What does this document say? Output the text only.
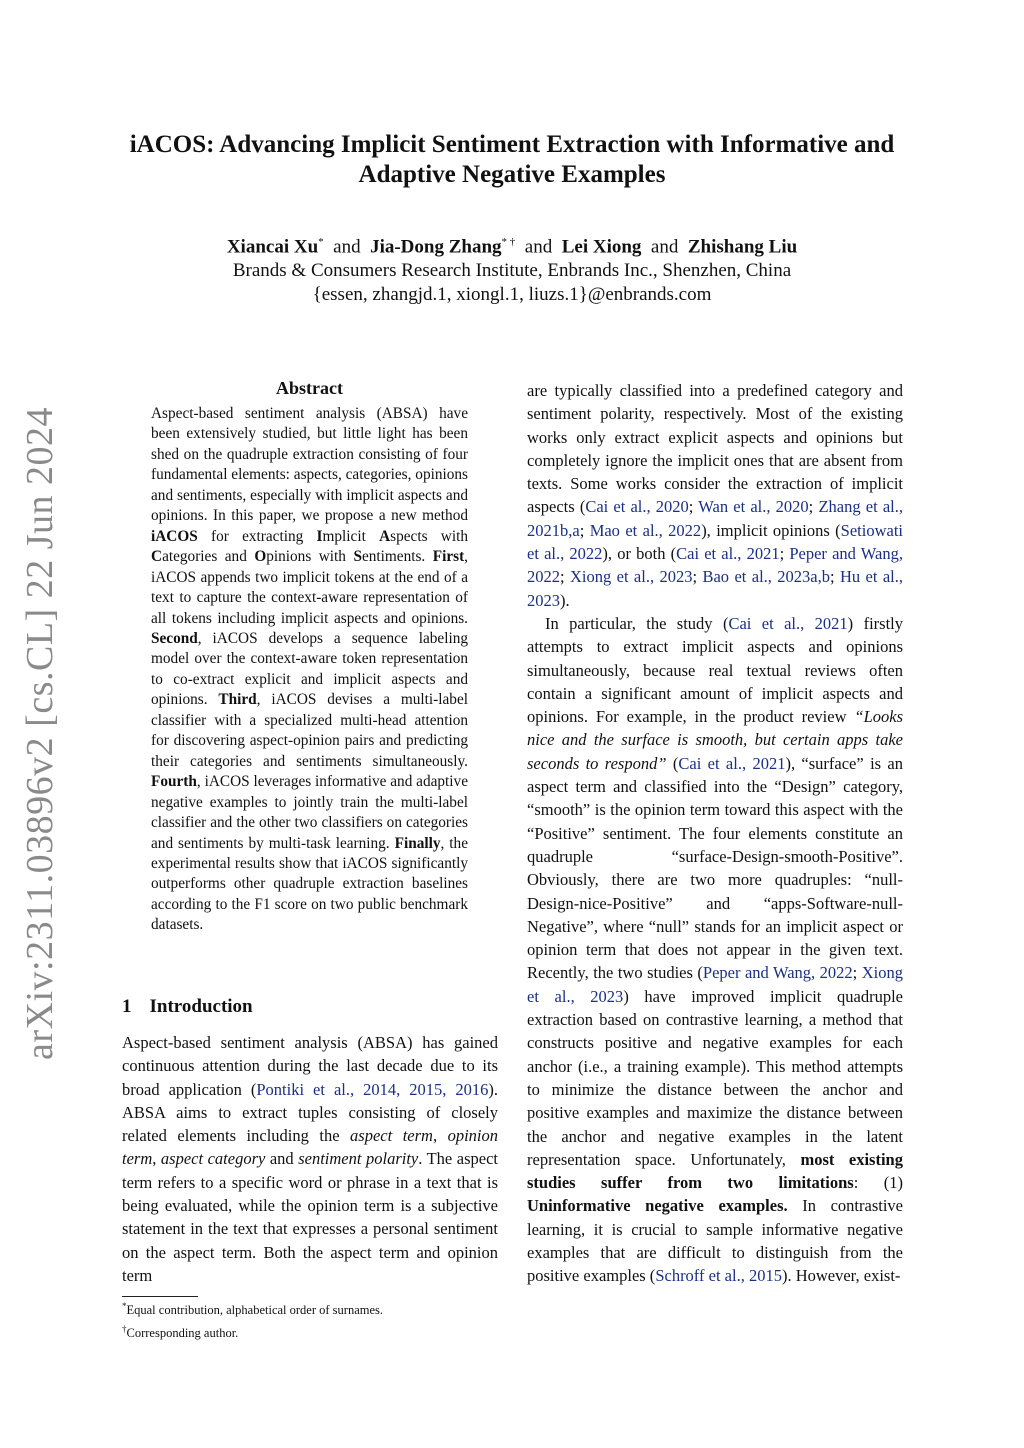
arXiv:2311.03896v2 [cs.CL] 22 Jun 2024
iACOS: Advancing Implicit Sentiment Extraction with Informative and
Adaptive Negative Examples
Xiancai Xu* and Jia-Dong Zhang* † and Lei Xiong and Zhishang Liu
Brands & Consumers Research Institute, Enbrands Inc., Shenzhen, China
{essen, zhangjd.1, xiongl.1, liuzs.1}@enbrands.com
Abstract

Aspect-based sentiment analysis (ABSA) have been extensively studied, but little light has been shed on the quadruple extraction consisting of four fundamental elements: aspects, categories, opinions and sentiments, especially with implicit aspects and opinions. In this paper, we propose a new method iACOS for extracting Implicit Aspects with Categories and Opinions with Sentiments. First, iACOS appends two implicit tokens at the end of a text to capture the context-aware representation of all tokens including implicit aspects and opinions. Second, iACOS develops a sequence labeling model over the context-aware token representation to co-extract explicit and implicit aspects and opinions. Third, iACOS devises a multi-label classifier with a specialized multi-head attention for discovering aspect-opinion pairs and predicting their categories and sentiments simultaneously. Fourth, iACOS leverages informative and adaptive negative examples to jointly train the multi-label classifier and the other two classifiers on categories and sentiments by multi-task learning. Finally, the experimental results show that iACOS significantly outperforms other quadruple extraction baselines according to the F1 score on two public benchmark datasets.

1 Introduction

Aspect-based sentiment analysis (ABSA) has gained continuous attention during the last decade due to its broad application (Pontiki et al., 2014, 2015, 2016). ABSA aims to extract tuples consisting of closely related elements including the aspect term, opinion term, aspect category and sentiment polarity. The aspect term refers to a specific word or phrase in a text that is being evaluated, while the opinion term is a subjective statement in the text that expresses a personal sentiment on the aspect term. Both the aspect term and opinion term

are typically classified into a predefined category and sentiment polarity, respectively. Most of the existing works only extract explicit aspects and opinions but completely ignore the implicit ones that are absent from texts. Some works consider the extraction of implicit aspects (Cai et al., 2020; Wan et al., 2020; Zhang et al., 2021b,a; Mao et al., 2022), implicit opinions (Setiowati et al., 2022), or both (Cai et al., 2021; Peper and Wang, 2022; Xiong et al., 2023; Bao et al., 2023a,b; Hu et al., 2023).

In particular, the study (Cai et al., 2021) firstly attempts to extract implicit aspects and opinions simultaneously, because real textual reviews often contain a significant amount of implicit aspects and opinions. For example, in the product review “Looks nice and the surface is smooth, but certain apps take seconds to respond” (Cai et al., 2021), “surface” is an aspect term and classified into the “Design” category, “smooth” is the opinion term toward this aspect with the “Positive” sentiment. The four elements constitute an quadruple “surface-Design-smooth-Positive”. Obviously, there are two more quadruples: “null-Design-nice-Positive” and “apps-Software-null-Negative”, where “null” stands for an implicit aspect or opinion term that does not appear in the given text. Recently, the two studies (Peper and Wang, 2022; Xiong et al., 2023) have improved implicit quadruple extraction based on contrastive learning, a method that constructs positive and negative examples for each anchor (i.e., a training example). This method attempts to minimize the distance between the anchor and positive examples and maximize the distance between the anchor and negative examples in the latent representation space. Unfortunately, most existing studies suffer from two limitations: (1) Uninformative negative examples. In contrastive learning, it is crucial to sample informative negative examples that are difficult to distinguish from the positive examples (Schroff et al., 2015). However, exist-

*Equal contribution, alphabetical order of surnames.
†Corresponding author.
